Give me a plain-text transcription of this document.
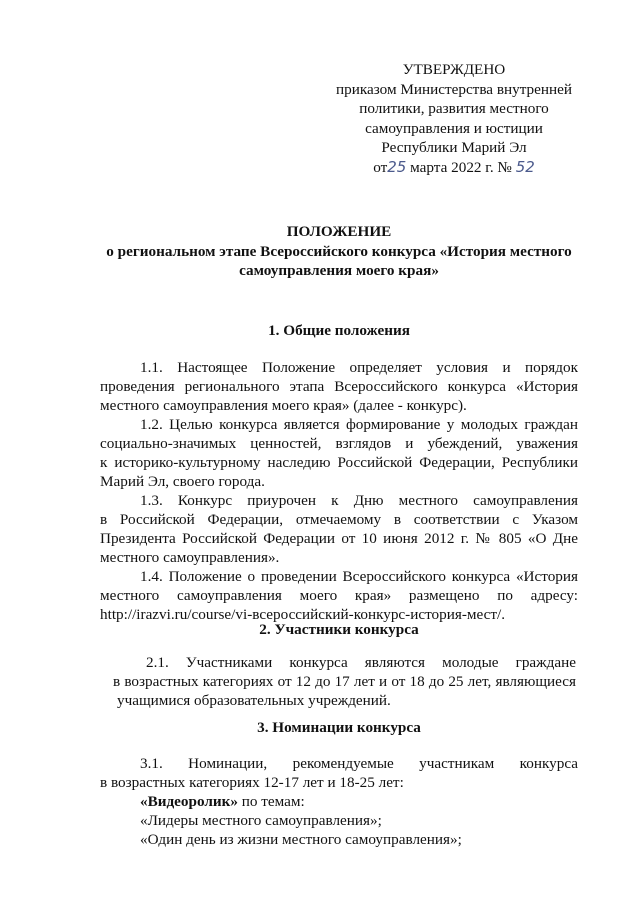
УТВЕРЖДЕНО
приказом Министерства внутренней
политики, развития местного
самоуправления и юстиции
Республики Марий Эл
от25 марта 2022 г. № 52
ПОЛОЖЕНИЕ
о региональном этапе Всероссийского конкурса «История местного
самоуправления моего края»
1. Общие положения
1.1. Настоящее Положение определяет условия и порядок
проведения регионального этапа Всероссийского конкурса «История
местного самоуправления моего края» (далее - конкурс).
1.2. Целью конкурса является формирование у молодых граждан
социально-значимых ценностей, взглядов и убеждений, уважения
к историко-культурному наследию Российской Федерации, Республики
Марий Эл, своего города.
1.3. Конкурс приурочен к Дню местного самоуправления
в Российской Федерации, отмечаемому в соответствии с Указом
Президента Российской Федерации от 10 июня 2012 г. № 805 «О Дне
местного самоуправления».
1.4. Положение о проведении Всероссийского конкурса «История
местного самоуправления моего края» размещено по адресу:
http://irazvi.ru/course/vi-всероссийский-конкурс-история-мест/.
2. Участники конкурса
2.1. Участниками конкурса являются молодые граждане
в возрастных категориях от 12 до 17 лет и от 18 до 25 лет, являющиеся
учащимися образовательных учреждений.
3. Номинации конкурса
3.1. Номинации, рекомендуемые участникам конкурса
в возрастных категориях 12-17 лет и 18-25 лет:
«Видеоролик» по темам:
«Лидеры местного самоуправления»;
«Один день из жизни местного самоуправления»;
